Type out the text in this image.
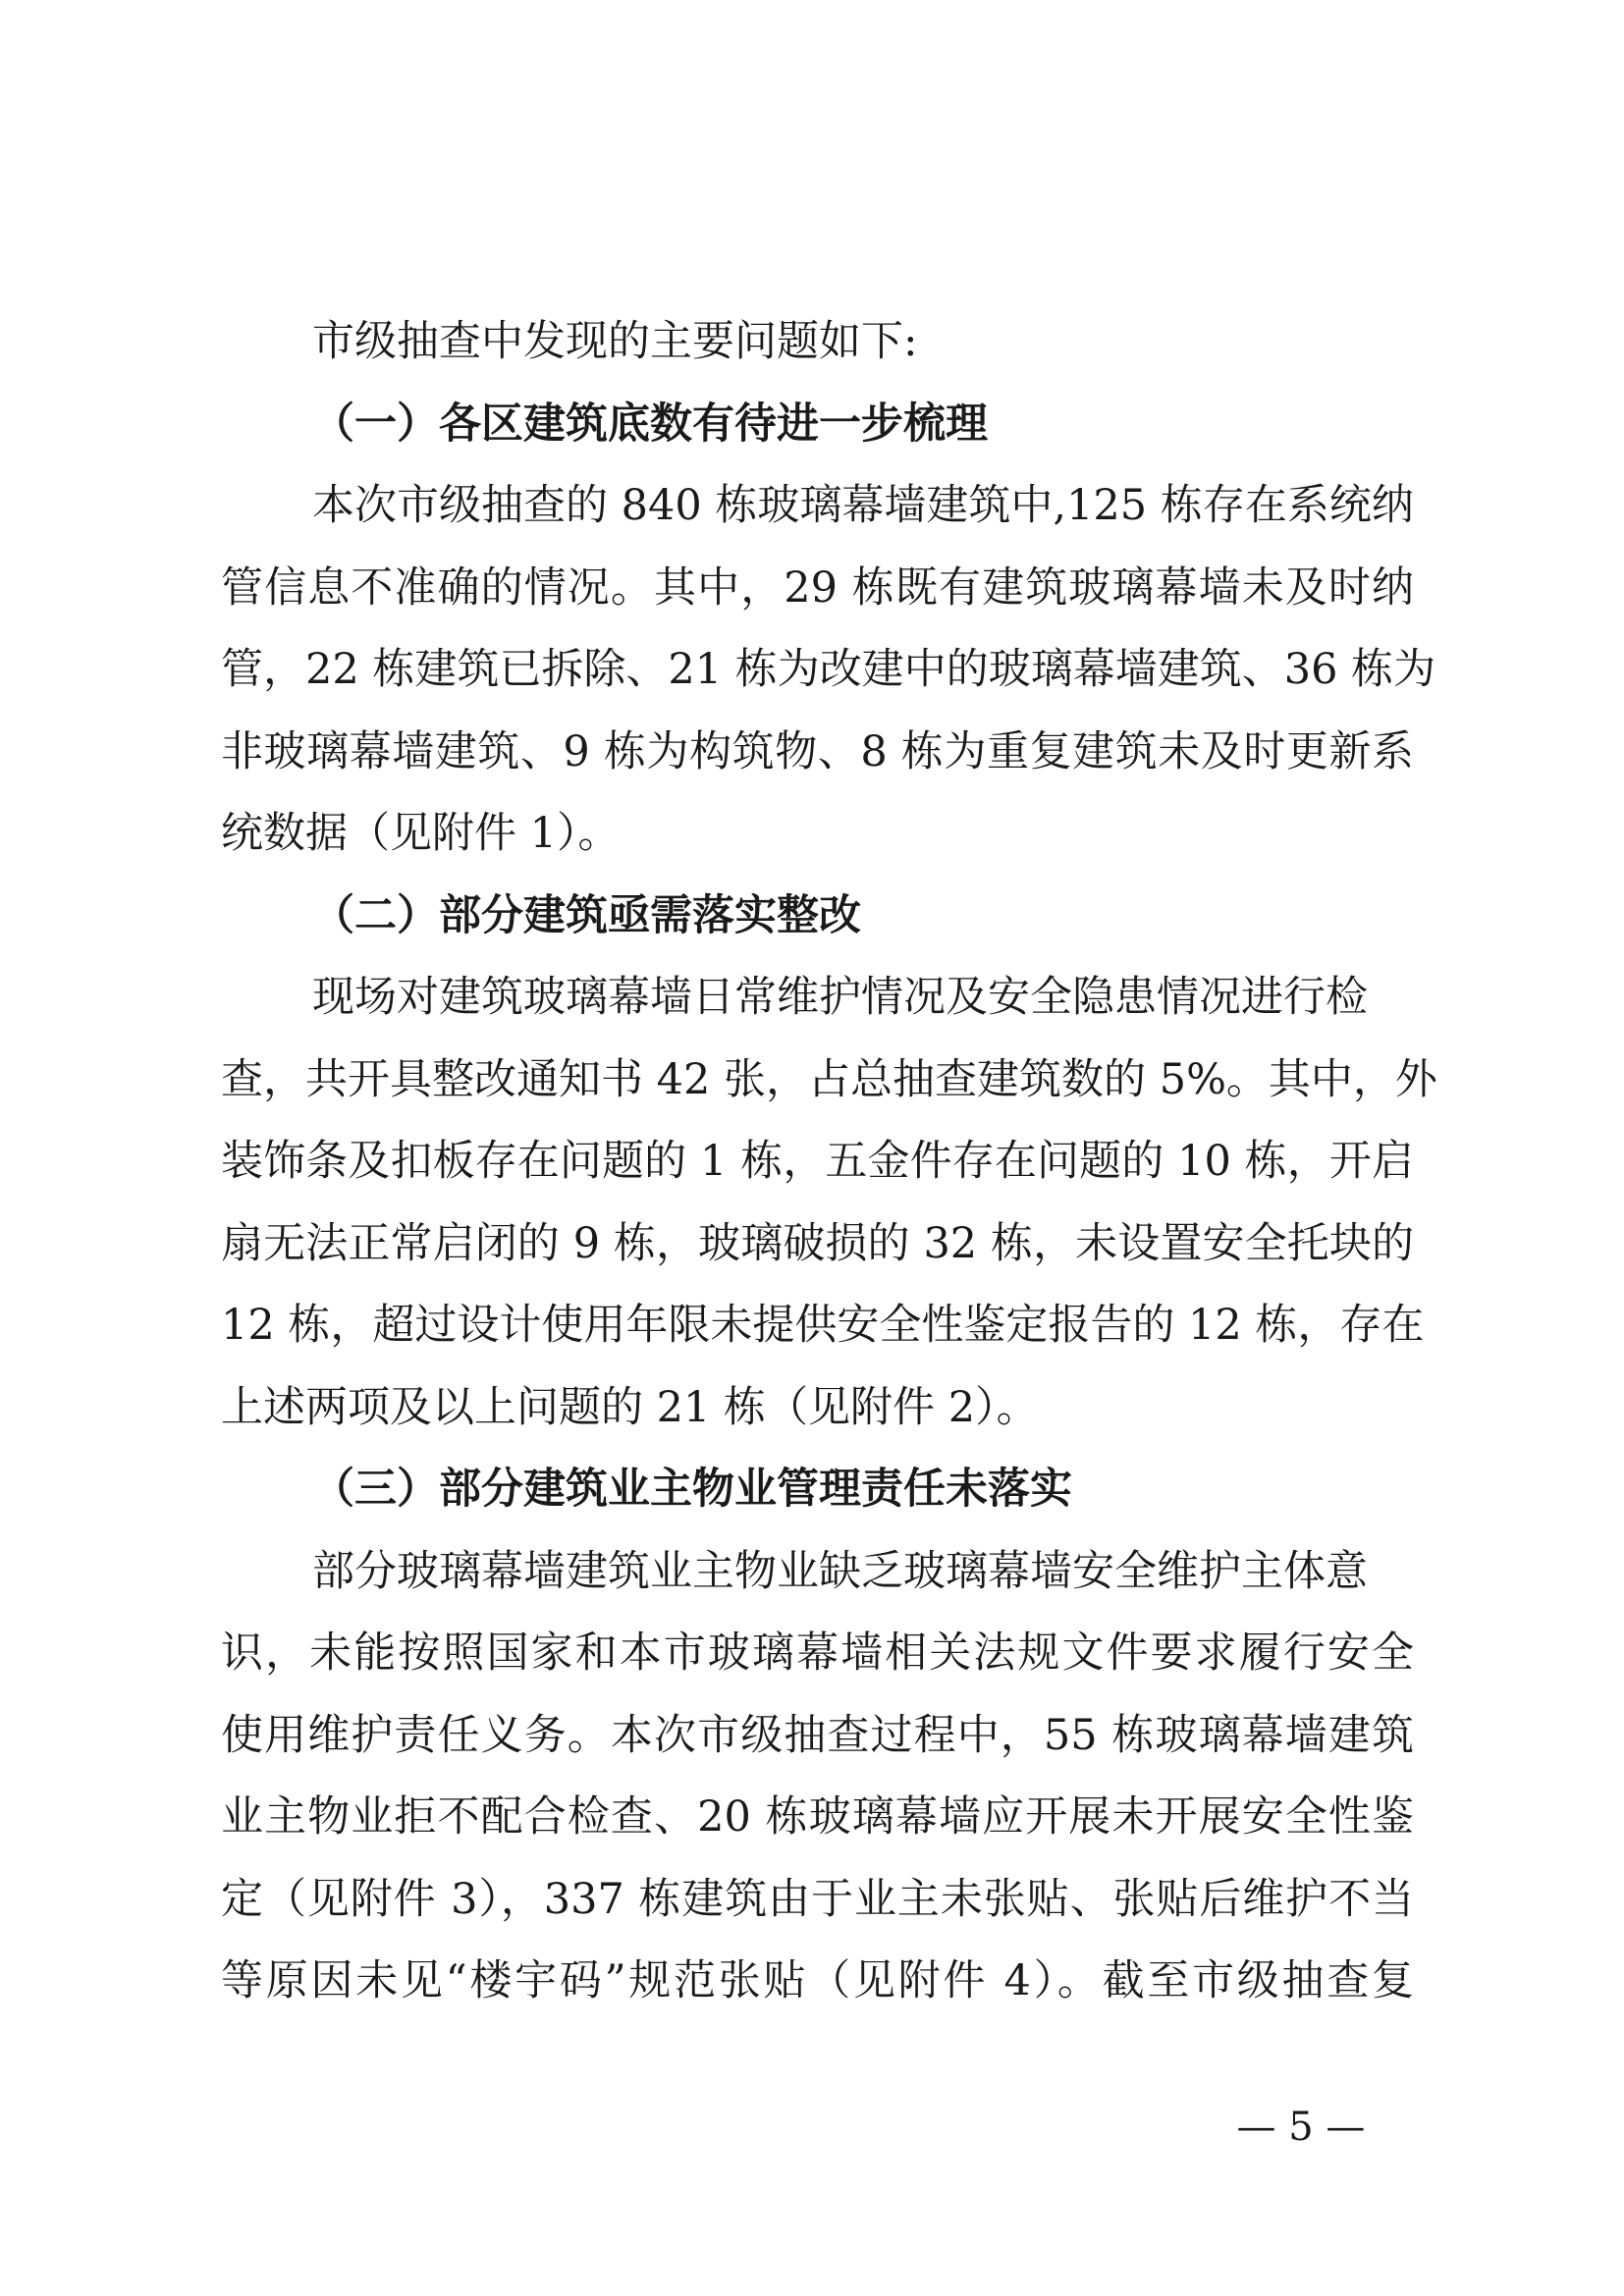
市级抽查中发现的主要问题如下:
（一）各区建筑底数有待进一步梳理
本次市级抽查的 840 栋玻璃幕墙建筑中,125 栋存在系统纳
管信息不准确的情况。其中，29 栋既有建筑玻璃幕墙未及时纳
管，22 栋建筑已拆除、21 栋为改建中的玻璃幕墙建筑、36 栋为
非玻璃幕墙建筑、9 栋为构筑物、8 栋为重复建筑未及时更新系
统数据（见附件 1）。
（二）部分建筑亟需落实整改
现场对建筑玻璃幕墙日常维护情况及安全隐患情况进行检
查，共开具整改通知书 42 张，占总抽查建筑数的 5%。其中，外
装饰条及扣板存在问题的 1 栋，五金件存在问题的 10 栋，开启
扇无法正常启闭的 9 栋，玻璃破损的 32 栋，未设置安全托块的
12 栋，超过设计使用年限未提供安全性鉴定报告的 12 栋，存在
上述两项及以上问题的 21 栋（见附件 2）。
（三）部分建筑业主物业管理责任未落实
部分玻璃幕墙建筑业主物业缺乏玻璃幕墙安全维护主体意
识，未能按照国家和本市玻璃幕墙相关法规文件要求履行安全
使用维护责任义务。本次市级抽查过程中，55 栋玻璃幕墙建筑
业主物业拒不配合检查、20 栋玻璃幕墙应开展未开展安全性鉴
定（见附件 3），337 栋建筑由于业主未张贴、张贴后维护不当
等原因未见“楼宇码”规范张贴（见附件 4）。截至市级抽查复
— 5 —
